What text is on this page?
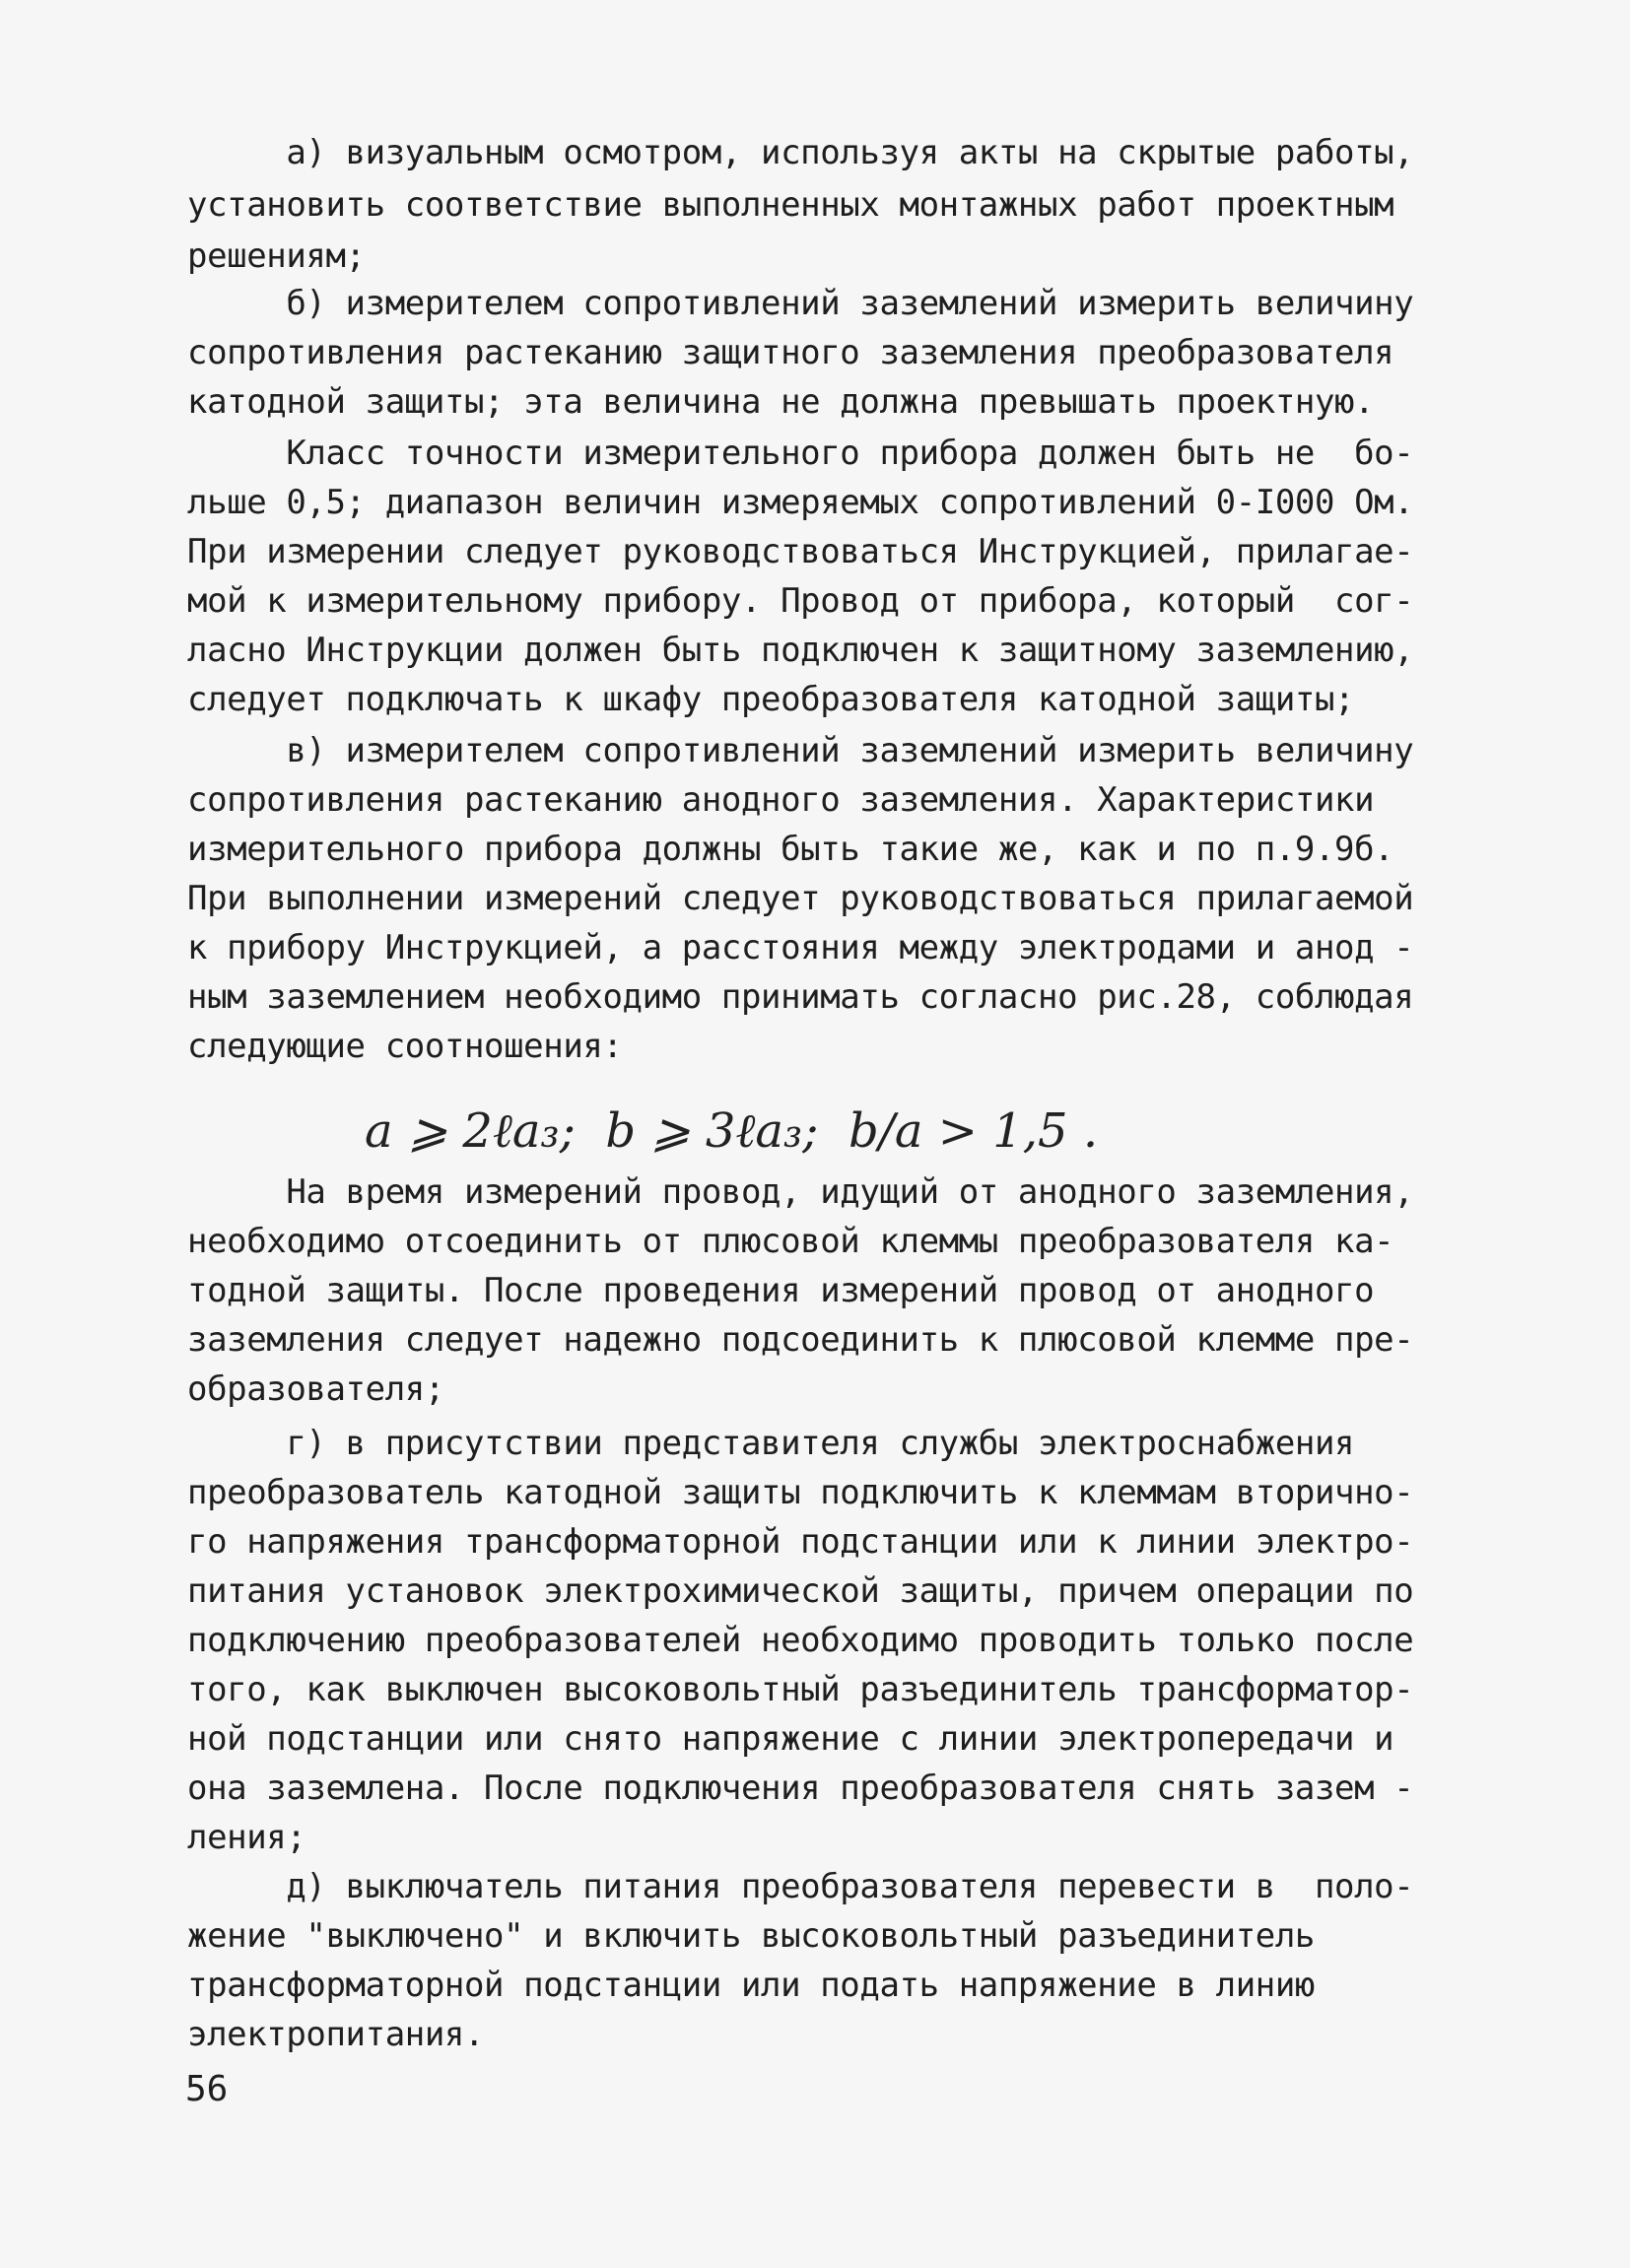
а) визуальным осмотром, используя акты на скрытые работы,
установить соответствие выполненных монтажных работ проектным
решениям;
б) измерителем сопротивлений заземлений измерить величину
сопротивления растеканию защитного заземления преобразователя
катодной защиты; эта величина не должна превышать проектную.
Класс точности измерительного прибора должен быть не  бо-
льше 0,5; диапазон величин измеряемых сопротивлений 0-I000 Ом.
При измерении следует руководствоваться Инструкцией, прилагае-
мой к измерительному прибору. Провод от прибора, который  сог-
ласно Инструкции должен быть подключен к защитному заземлению,
следует подключать к шкафу преобразователя катодной защиты;
в) измерителем сопротивлений заземлений измерить величину
сопротивления растеканию анодного заземления. Характеристики
измерительного прибора должны быть такие же, как и по п.9.9б.
При выполнении измерений следует руководствоваться прилагаемой
к прибору Инструкцией, а расстояния между электродами и анод -
ным заземлением необходимо принимать согласно рис.28, соблюдая
следующие соотношения:
a ⩾ 2ℓa₃;  b ⩾ 3ℓa₃;  b/a > 1,5 .
На время измерений провод, идущий от анодного заземления,
необходимо отсоединить от плюсовой клеммы преобразователя ка-
тодной защиты. После проведения измерений провод от анодного
заземления следует надежно подсоединить к плюсовой клемме пре-
образователя;
г) в присутствии представителя службы электроснабжения
преобразователь катодной защиты подключить к клеммам вторично-
го напряжения трансформаторной подстанции или к линии электро-
питания установок электрохимической защиты, причем операции по
подключению преобразователей необходимо проводить только после
того, как выключен высоковольтный разъединитель трансформатор-
ной подстанции или снято напряжение с линии электропередачи и
она заземлена. После подключения преобразователя снять зазем -
ления;
д) выключатель питания преобразователя перевести в  поло-
жение "выключено" и включить высоковольтный разъединитель
трансформаторной подстанции или подать напряжение в линию
электропитания.
56
